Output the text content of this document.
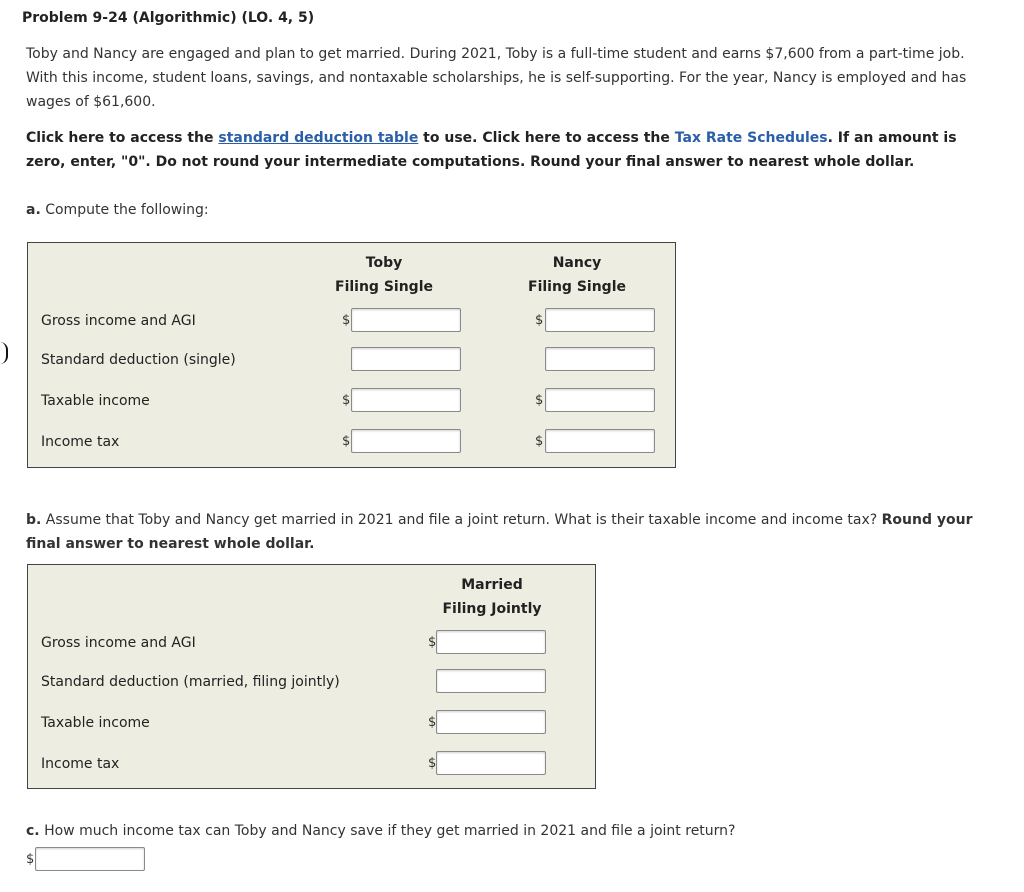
Problem 9-24 (Algorithmic) (LO. 4, 5)

Toby and Nancy are engaged and plan to get married. During 2021, Toby is a full-time student and earns $7,600 from a part-time job. With this income, student loans, savings, and nontaxable scholarships, he is self-supporting. For the year, Nancy is employed and has wages of $61,600.

Click here to access the standard deduction table to use. Click here to access the Tax Rate Schedules. If an amount is zero, enter, "0". Do not round your intermediate computations. Round your final answer to nearest whole dollar.

a. Compute the following:

Toby
Filing Single
Nancy
Filing Single
Gross income and AGI
Standard deduction (single)
Taxable income
Income tax
$
$
$
$
$
$

b. Assume that Toby and Nancy get married in 2021 and file a joint return. What is their taxable income and income tax? Round your final answer to nearest whole dollar.

Married
Filing Jointly
Gross income and AGI
Standard deduction (married, filing jointly)
Taxable income
Income tax
$
$
$

c. How much income tax can Toby and Nancy save if they get married in 2021 and file a joint return?

$
